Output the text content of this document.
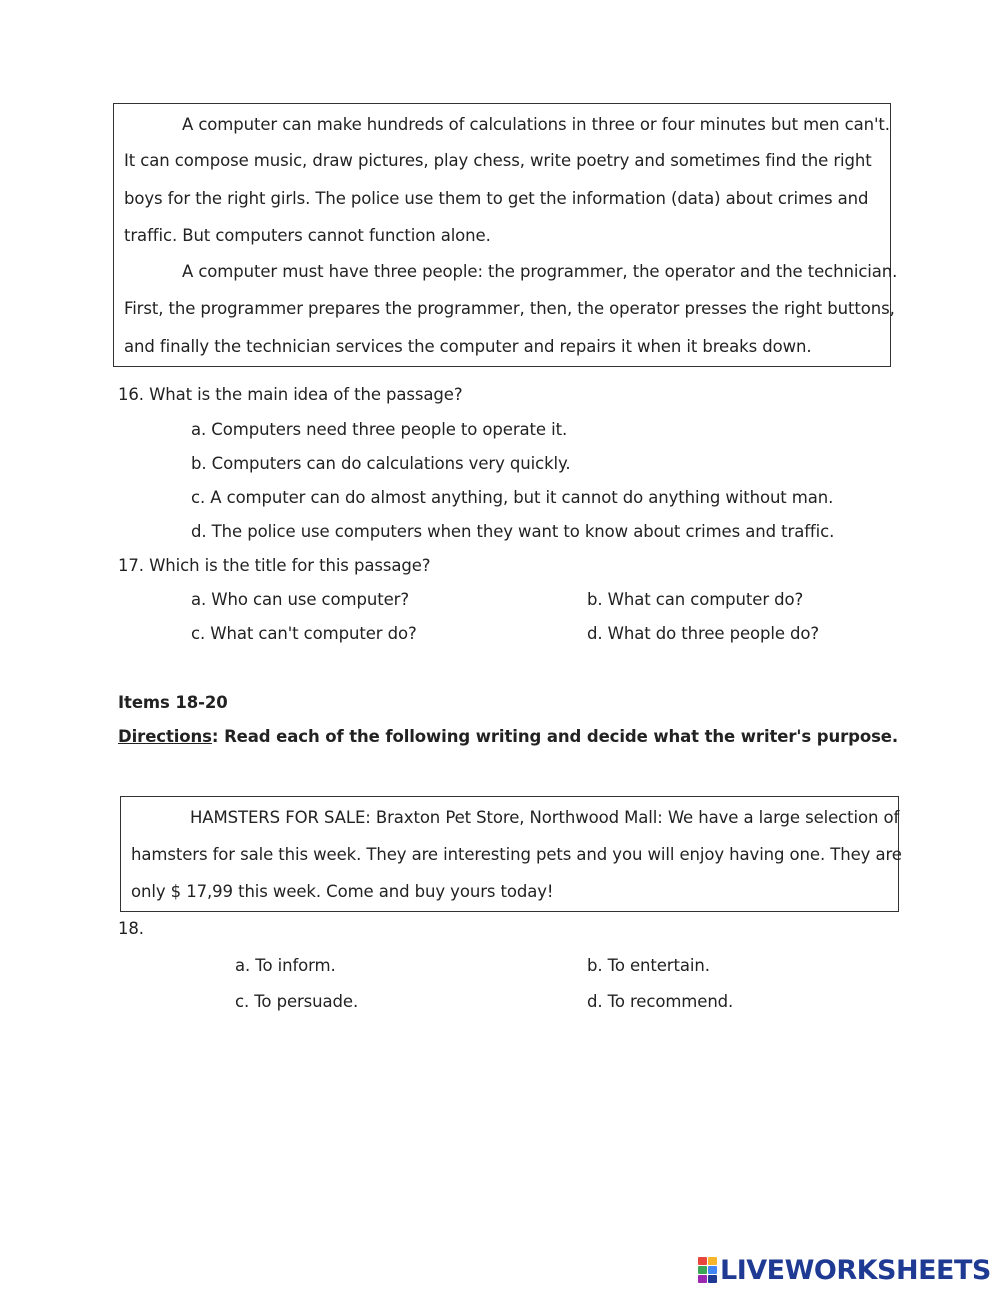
A computer can make hundreds of calculations in three or four minutes but men can't.
It can compose music, draw pictures, play chess, write poetry and sometimes find the right
boys for the right girls. The police use them to get the information (data) about crimes and
traffic. But computers cannot function alone.
A computer must have three people: the programmer, the operator and the technician.
First, the programmer prepares the programmer, then, the operator presses the right buttons,
and finally the technician services the computer and repairs it when it breaks down.
16. What is the main idea of the passage?
a. Computers need three people to operate it.
b. Computers can do calculations very quickly.
c. A computer can do almost anything, but it cannot do anything without man.
d. The police use computers when they want to know about crimes and traffic.
17. Which is the title for this passage?
a. Who can use computer?	b. What can computer do?
c. What can't computer do?	d. What do three people do?
Items 18-20
Directions: Read each of the following writing and decide what the writer's purpose.
HAMSTERS FOR SALE: Braxton Pet Store, Northwood Mall: We have a large selection of
hamsters for sale this week. They are interesting pets and you will enjoy having one. They are
only $ 17,99 this week. Come and buy yours today!
18.
a. To inform.	b. To entertain.
c. To persuade.	d. To recommend.
LIVEWORKSHEETS
